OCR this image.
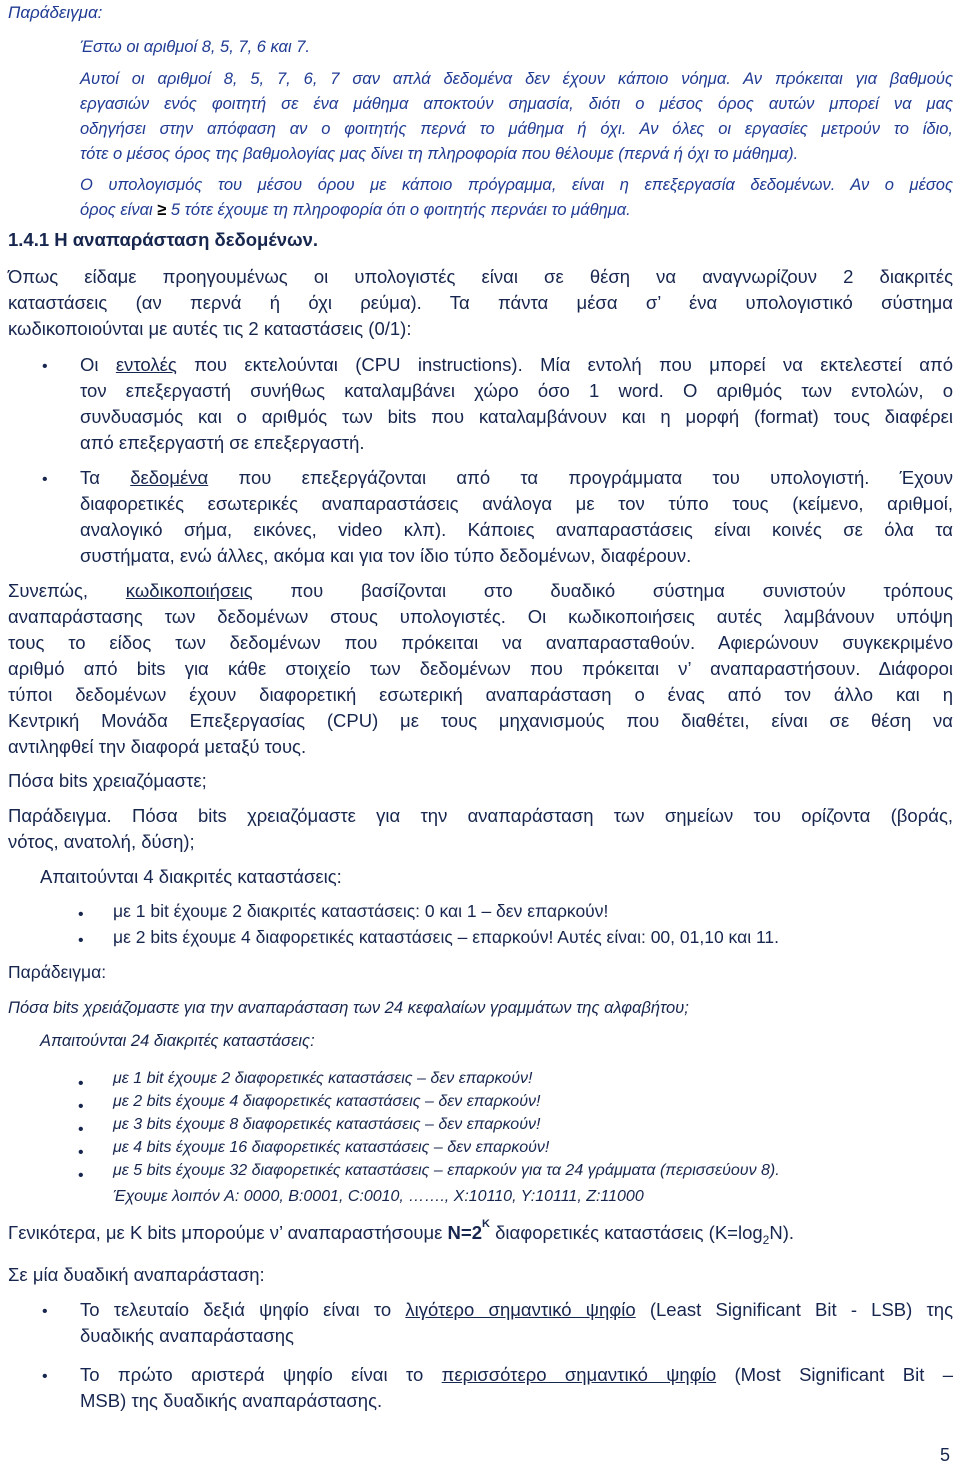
Παράδειγμα:
Έστω οι αριθμοί 8, 5, 7, 6 και 7.
Αυτοί οι αριθμοί 8, 5, 7, 6, 7 σαν απλά δεδομένα δεν έχουν κάποιο νόημα. Αν πρόκειται για βαθμούς
εργασιών ενός φοιτητή σε ένα μάθημα αποκτούν σημασία, διότι ο μέσος όρος αυτών μπορεί να μας
οδηγήσει στην απόφαση αν ο φοιτητής περνά το μάθημα ή όχι. Αν όλες οι εργασίες μετρούν το ίδιο,
τότε ο μέσος όρος της βαθμολογίας μας δίνει τη πληροφορία που θέλουμε (περνά ή όχι το μάθημα).
Ο υπολογισμός του μέσου όρου με κάποιο πρόγραμμα, είναι η επεξεργασία δεδομένων. Αν ο μέσος
όρος είναι ≥ 5 τότε έχουμε τη πληροφορία ότι ο φοιτητής περνάει το μάθημα.
1.4.1 Η αναπαράσταση δεδομένων.
Όπως είδαμε προηγουμένως οι υπολογιστές είναι σε θέση να αναγνωρίζουν 2 διακριτές
καταστάσεις (αν περνά ή όχι ρεύμα). Τα πάντα μέσα σ’ ένα υπολογιστικό σύστημα
κωδικοποιούνται με αυτές τις 2 καταστάσεις (0/1):
• Οι εντολές που εκτελούνται (CPU instructions). Μία εντολή που μπορεί να εκτελεστεί από
τον επεξεργαστή συνήθως καταλαμβάνει χώρο όσο 1 word. Ο αριθμός των εντολών, ο
συνδυασμός και ο αριθμός των bits που καταλαμβάνουν και η μορφή (format) τους διαφέρει
από επεξεργαστή σε επεξεργαστή.
• Τα δεδομένα που επεξεργάζονται από τα προγράμματα του υπολογιστή. Έχουν
διαφορετικές εσωτερικές αναπαραστάσεις ανάλογα με τον τύπο τους (κείμενο, αριθμοί,
αναλογικό σήμα, εικόνες, video κλπ). Κάποιες αναπαραστάσεις είναι κοινές σε όλα τα
συστήματα, ενώ άλλες, ακόμα και για τον ίδιο τύπο δεδομένων, διαφέρουν.
Συνεπώς, κωδικοποιήσεις που βασίζονται στο δυαδικό σύστημα συνιστούν τρόπους
αναπαράστασης των δεδομένων στους υπολογιστές. Οι κωδικοποιήσεις αυτές λαμβάνουν υπόψη
τους το είδος των δεδομένων που πρόκειται να αναπαρασταθούν. Αφιερώνουν συγκεκριμένο
αριθμό από bits για κάθε στοιχείο των δεδομένων που πρόκειται ν’ αναπαραστήσουν. Διάφοροι
τύποι δεδομένων έχουν διαφορετική εσωτερική αναπαράσταση ο ένας από τον άλλο και η
Κεντρική Μονάδα Επεξεργασίας (CPU) με τους μηχανισμούς που διαθέτει, είναι σε θέση να
αντιληφθεί την διαφορά μεταξύ τους.
Πόσα bits χρειαζόμαστε;
Παράδειγμα. Πόσα bits χρειαζόμαστε για την αναπαράσταση των σημείων του ορίζοντα (βοράς,
νότος, ανατολή, δύση);
Απαιτούνται 4 διακριτές καταστάσεις:
• με 1 bit έχουμε 2 διακριτές καταστάσεις: 0 και 1 – δεν επαρκούν!
• με 2 bits έχουμε 4 διαφορετικές καταστάσεις – επαρκούν! Αυτές είναι: 00, 01,10 και 11.
Παράδειγμα:
Πόσα bits χρειάζομαστε για την αναπαράσταση των 24 κεφαλαίων γραμμάτων της αλφαβήτου;
Απαιτούνται 24 διακριτές καταστάσεις:
• με 1 bit έχουμε 2 διαφορετικές καταστάσεις – δεν επαρκούν!
• με 2 bits έχουμε 4 διαφορετικές καταστάσεις – δεν επαρκούν!
• με 3 bits έχουμε 8 διαφορετικές καταστάσεις – δεν επαρκούν!
• με 4 bits έχουμε 16 διαφορετικές καταστάσεις – δεν επαρκούν!
• με 5 bits έχουμε 32 διαφορετικές καταστάσεις – επαρκούν για τα 24 γράμματα (περισσεύουν 8).
Έχουμε λοιπόν A: 0000, B:0001, C:0010, ……., X:10110, Y:10111, Z:11000
Γενικότερα, με K bits μπορούμε ν’ αναπαραστήσουμε $N=2^K$ διαφορετικές καταστάσεις $(K=\log_2N)$.
Σε μία δυαδική αναπαράσταση:
• Το τελευταίο δεξιά ψηφίο είναι το λιγότερο σημαντικό ψηφίο (Least Significant Bit - LSB) της
δυαδικής αναπαράστασης
• Το πρώτο αριστερά ψηφίο είναι το περισσότερο σημαντικό ψηφίο (Most Significant Bit –
MSB) της δυαδικής αναπαράστασης.
5
